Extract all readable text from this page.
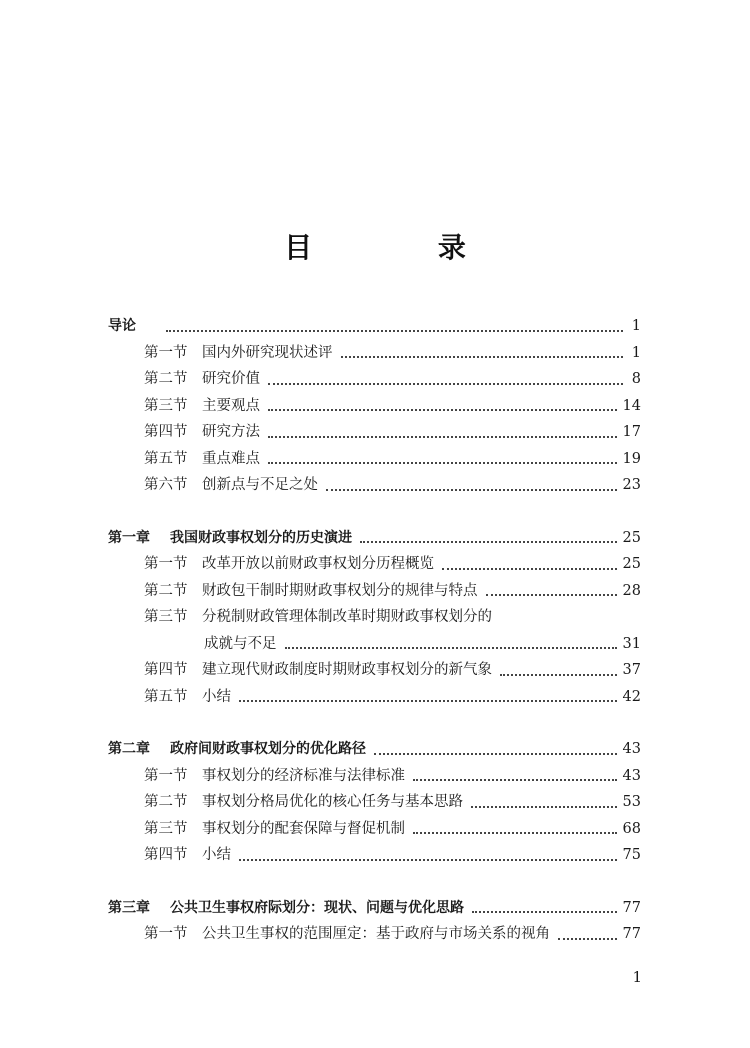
目 录
导论	1
第一节	国内外研究现状述评	1
第二节	研究价值	8
第三节	主要观点	14
第四节	研究方法	17
第五节	重点难点	19
第六节	创新点与不足之处	23
第一章	我国财政事权划分的历史演进	25
第一节	改革开放以前财政事权划分历程概览	25
第二节	财政包干制时期财政事权划分的规律与特点	28
第三节	分税制财政管理体制改革时期财政事权划分的
成就与不足	31
第四节	建立现代财政制度时期财政事权划分的新气象	37
第五节	小结	42
第二章	政府间财政事权划分的优化路径	43
第一节	事权划分的经济标准与法律标准	43
第二节	事权划分格局优化的核心任务与基本思路	53
第三节	事权划分的配套保障与督促机制	68
第四节	小结	75
第三章	公共卫生事权府际划分：现状、问题与优化思路	77
第一节	公共卫生事权的范围厘定：基于政府与市场关系的视角	77
1
